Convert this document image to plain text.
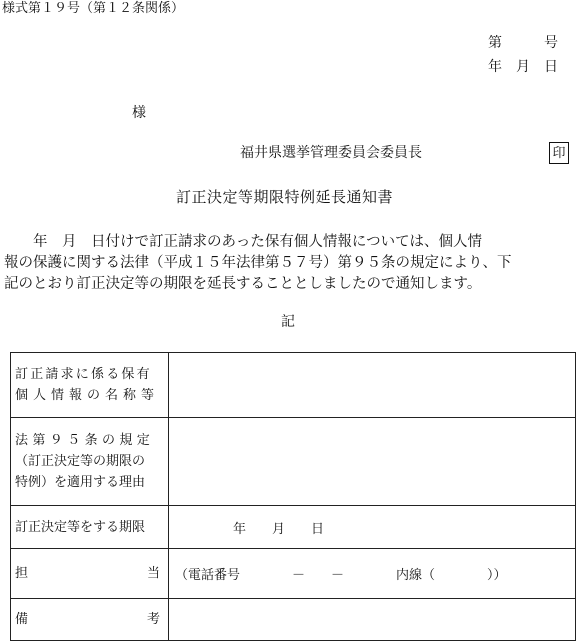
様式第１９号（第１２条関係）
第　　　号
年　月　日
様
福井県選挙管理委員会委員長	印
訂正決定等期限特例延長通知書
　　年　月　日付けで訂正請求のあった保有個人情報については、個人情
報の保護に関する法律（平成１５年法律第５７号）第９５条の規定により、下
記のとおり訂正決定等の期限を延長することとしましたので通知します。
記
訂正請求に係る保有
個人情報の名称等	

法第９５条の規定
（訂正決定等の期限の
特例）を適用する理由	

訂正決定等をする期限	年　　月　　日

担 当	（電話番号　　　　－　　－　　　　内線（　　　　））

備 考	
